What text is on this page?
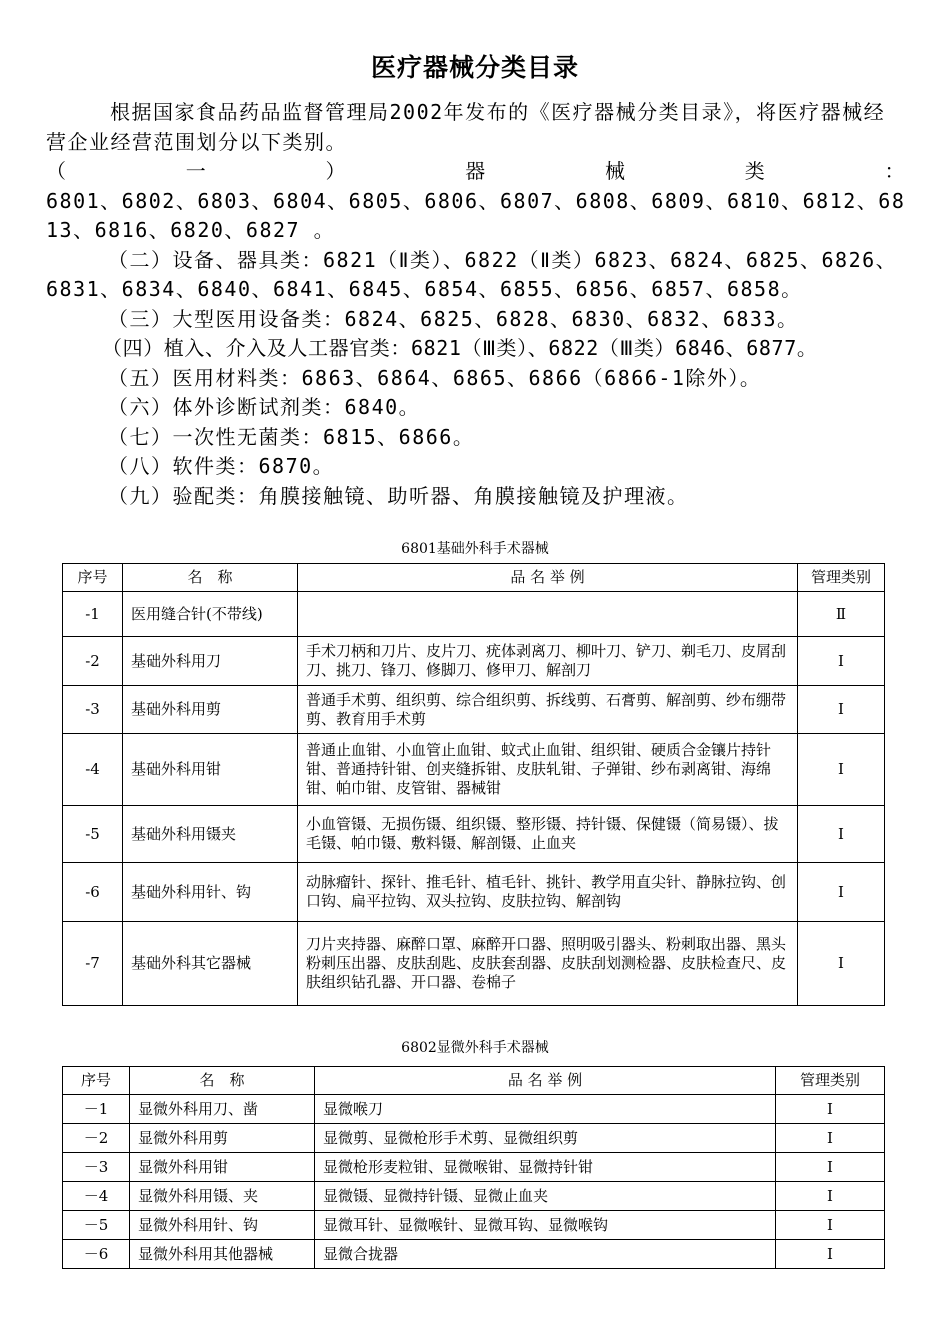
医疗器械分类目录

根据国家食品药品监督管理局2002年发布的《医疗器械分类目录》，将医疗器械经营企业经营范围划分以下类别。

（一）器械类：

6801、6802、6803、6804、6805、6806、6807、6808、6809、6810、6812、6813、6816、6820、6827 。

（二）设备、器具类：6821（Ⅱ类）、6822（Ⅱ类）6823、6824、6825、6826、6831、6834、6840、6841、6845、6854、6855、6856、6857、6858。

（三）大型医用设备类：6824、6825、6828、6830、6832、6833。

（四）植入、介入及人工器官类：6821（Ⅲ类）、6822（Ⅲ类）6846、6877。

（五）医用材料类：6863、6864、6865、6866（6866-1除外）。

（六）体外诊断试剂类：6840。

（七）一次性无菌类：6815、6866。

（八）软件类：6870。

（九）验配类：角膜接触镜、助听器、角膜接触镜及护理液。

6801基础外科手术器械
序号	名　称	品 名 举 例	管理类别
-1	医用缝合针(不带线)		Ⅱ
-2	基础外科用刀	手术刀柄和刀片、皮片刀、疣体剥离刀、柳叶刀、铲刀、剃毛刀、皮屑刮刀、挑刀、锋刀、修脚刀、修甲刀、解剖刀	Ⅰ
-3	基础外科用剪	普通手术剪、组织剪、综合组织剪、拆线剪、石膏剪、解剖剪、纱布绷带剪、教育用手术剪	Ⅰ
-4	基础外科用钳	普通止血钳、小血管止血钳、蚊式止血钳、组织钳、硬质合金镶片持针钳、普通持针钳、创夹缝拆钳、皮肤轧钳、子弹钳、纱布剥离钳、海绵钳、帕巾钳、皮管钳、器械钳	Ⅰ
-5	基础外科用镊夹	小血管镊、无损伤镊、组织镊、整形镊、持针镊、保健镊（简易镊）、拔毛镊、帕巾镊、敷料镊、解剖镊、止血夹	Ⅰ
-6	基础外科用针、钩	动脉瘤针、探针、推毛针、植毛针、挑针、教学用直尖针、静脉拉钩、创口钩、扁平拉钩、双头拉钩、皮肤拉钩、解剖钩	Ⅰ
-7	基础外科其它器械	刀片夹持器、麻醉口罩、麻醉开口器、照明吸引器头、粉刺取出器、黑头粉刺压出器、皮肤刮匙、皮肤套刮器、皮肤刮划测检器、皮肤检查尺、皮肤组织钻孔器、开口器、卷棉子	Ⅰ
6802显微外科手术器械
序号	名　称	品 名 举 例	管理类别
－1	显微外科用刀、凿	显微喉刀	Ⅰ
－2	显微外科用剪	显微剪、显微枪形手术剪、显微组织剪	Ⅰ
－3	显微外科用钳	显微枪形麦粒钳、显微喉钳、显微持针钳	Ⅰ
－4	显微外科用镊、夹	显微镊、显微持针镊、显微止血夹	Ⅰ
－5	显微外科用针、钩	显微耳针、显微喉针、显微耳钩、显微喉钩	Ⅰ
－6	显微外科用其他器械	显微合拢器	Ⅰ
